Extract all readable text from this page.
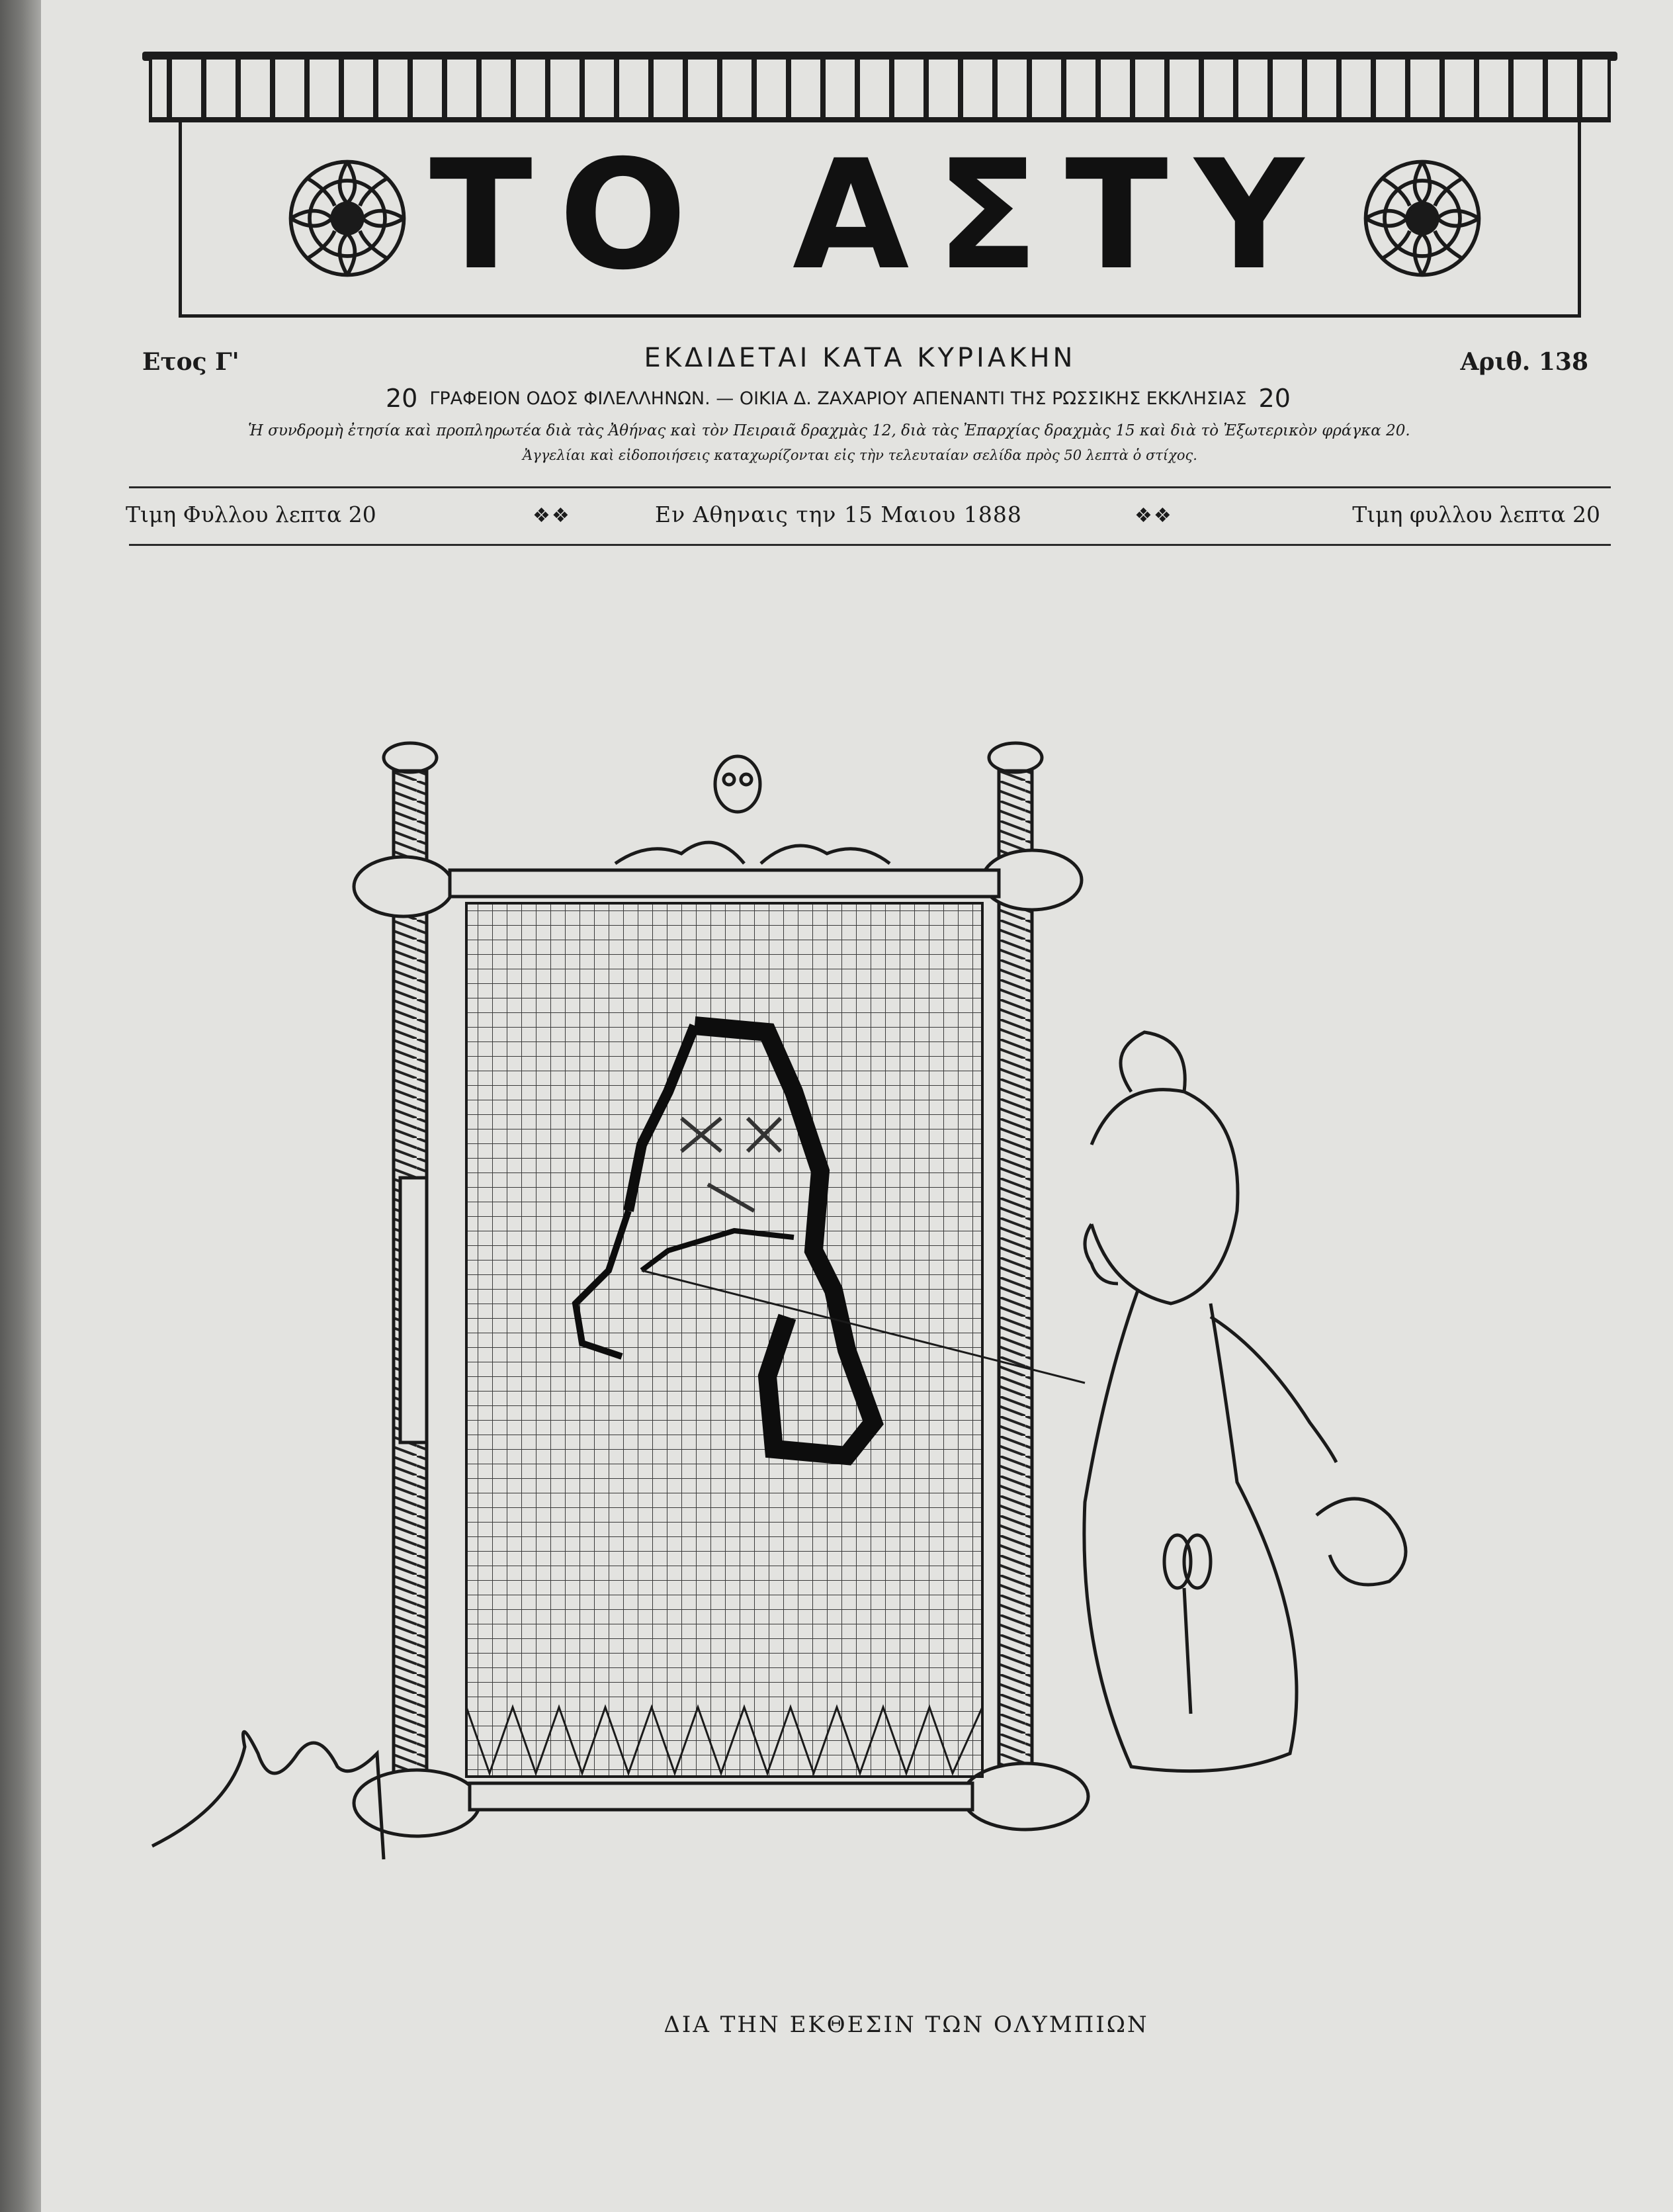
ΤΟ ΑΣΤΥ
Ετος Γ'	ΕΚΔΙΔΕΤΑΙ ΚΑΤΑ ΚΥΡΙΑΚΗΝ	Αριθ. 138
20 ΓΡΑΦΕΙΟΝ ΟΔΟΣ ΦΙΛΕΛΛΗΝΩΝ. — ΟΙΚΙΑ Δ. ΖΑΧΑΡΙΟΥ ΑΠΕΝΑΝΤΙ ΤΗΣ ΡΩΣΣΙΚΗΣ ΕΚΚΛΗΣΙΑΣ 20
Ἡ συνδρομὴ ἐτησία καὶ προπληρωτέα διὰ τὰς Ἀθήνας καὶ τὸν Πειραιᾶ δραχμὰς 12, διὰ τὰς Ἐπαρχίας δραχμὰς 15 καὶ διὰ τὸ Ἐξωτερικὸν φράγκα 20.
Ἀγγελίαι καὶ εἰδοποιήσεις καταχωρίζονται εἰς τὴν τελευταίαν σελίδα πρὸς 50 λεπτὰ ὁ στίχος.
Τιμη Φυλλου λεπτα 20	❖❖	Εν Αθηναις την 15 Μαιου 1888	❖❖	Τιμη φυλλου λεπτα 20
ΔΙΑ ΤΗΝ ΕΚΘΕΣΙΝ ΤΩΝ ΟΛΥΜΠΙΩΝ
